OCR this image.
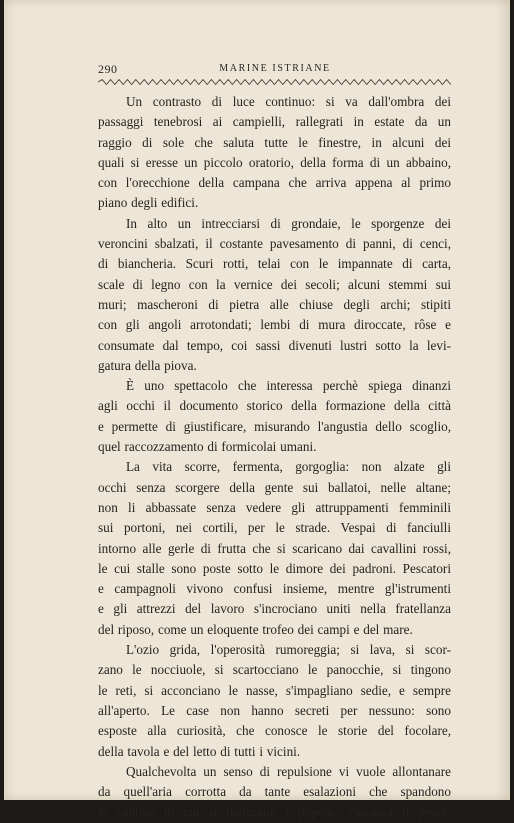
290	MARINE ISTRIANE
Un contrasto di luce continuo: si va dall'ombra dei
passaggi tenebrosi ai campielli, rallegrati in estate da un
raggio di sole che saluta tutte le finestre, in alcuni dei
quali si eresse un piccolo oratorio, della forma di un abbaino,
con l'orecchione della campana che arriva appena al primo
piano degli edifici.
In alto un intrecciarsi di grondaie, le sporgenze dei
veroncini sbalzati, il costante pavesamento di panni, di cenci,
di biancheria. Scuri rotti, telai con le impannate di carta,
scale di legno con la vernice dei secoli; alcuni stemmi sui
muri; mascheroni di pietra alle chiuse degli archi; stipiti
con gli angoli arrotondati; lembi di mura diroccate, rôse e
consumate dal tempo, coi sassi divenuti lustri sotto la levi-
gatura della piova.
È uno spettacolo che interessa perchè spiega dinanzi
agli occhi il documento storico della formazione della città
e permette di giustificare, misurando l'angustia dello scoglio,
quel raccozzamento di formicolai umani.
La vita scorre, fermenta, gorgoglia: non alzate gli
occhi senza scorgere della gente sui ballatoi, nelle altane;
non li abbassate senza vedere gli attruppamenti femminili
sui portoni, nei cortili, per le strade. Vespai di fanciulli
intorno alle gerle di frutta che si scaricano dai cavallini rossi,
le cui stalle sono poste sotto le dimore dei padroni. Pescatori
e campagnoli vivono confusi insieme, mentre gl'istrumenti
e gli attrezzi del lavoro s'incrociano uniti nella fratellanza
del riposo, come un eloquente trofeo dei campi e del mare.
L'ozio grida, l'operosità rumoreggia; si lava, si scor-
zano le nocciuole, si scartocciano le panocchie, si tingono
le reti, si acconciano le nasse, s'impagliano sedie, e sempre
all'aperto. Le case non hanno secreti per nessuno: sono
esposte alla curiosità, che conosce le storie del focolare,
della tavola e del letto di tutti i vicini.
Qualchevolta un senso di repulsione vi vuole allontanare
da quell'aria corrotta da tante esalazioni che spandono
le cantine in cui si maturano i poponi, s'incassa il pesce,
